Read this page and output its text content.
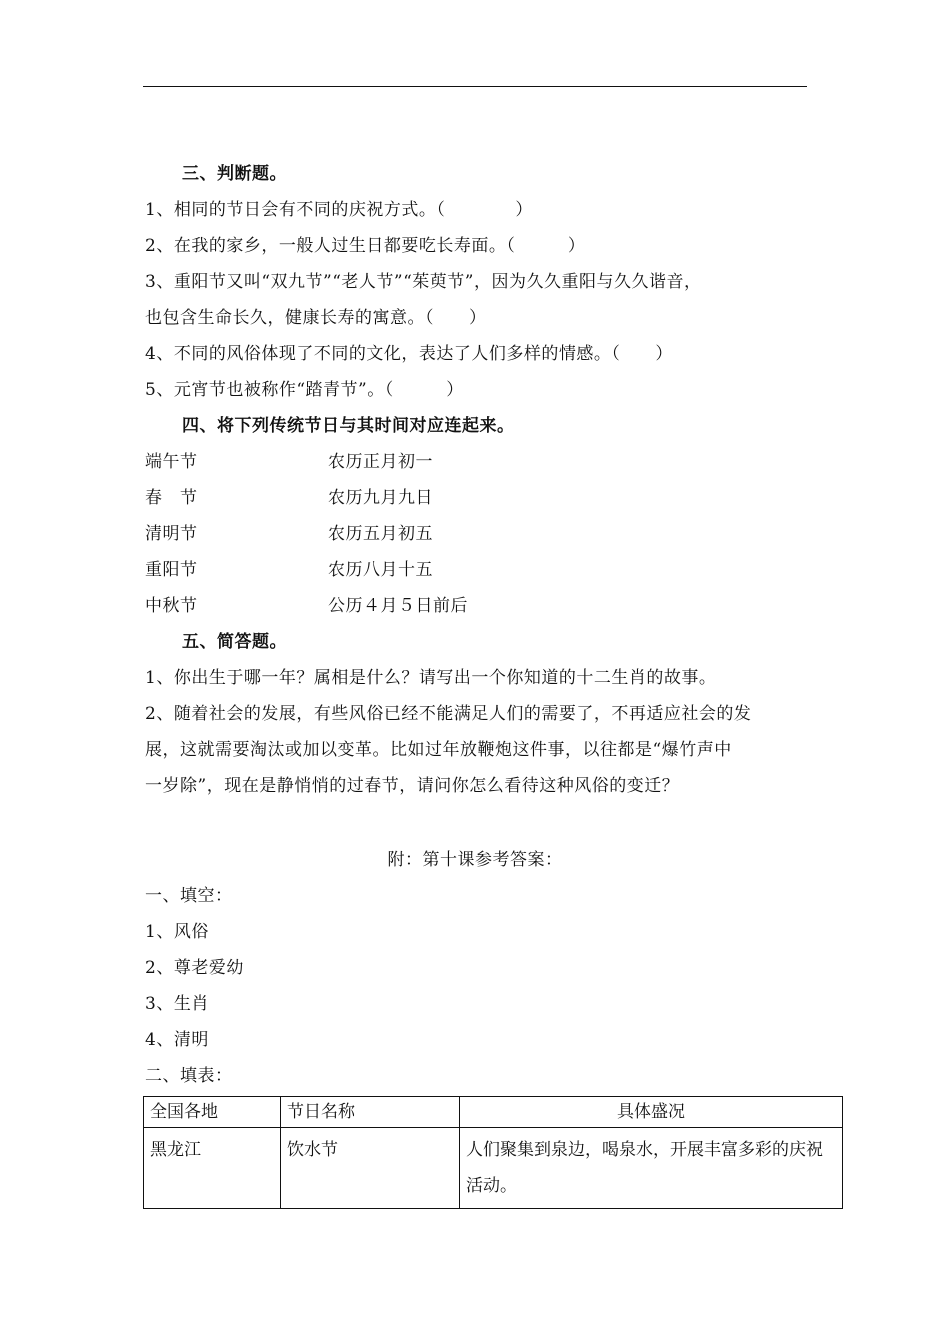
三、判断题。
1、相同的节日会有不同的庆祝方式。（　　　　）
2、在我的家乡，一般人过生日都要吃长寿面。（　　　）
3、重阳节又叫“双九节”“老人节”“茱萸节”，因为久久重阳与久久谐音，
也包含生命长久，健康长寿的寓意。（　　）
4、不同的风俗体现了不同的文化，表达了人们多样的情感。（　　）
5、元宵节也被称作“踏青节”。（　　　）
四、将下列传统节日与其时间对应连起来。
端午节	农历正月初一
春　节	农历九月九日
清明节	农历五月初五
重阳节	农历八月十五
中秋节	公历４月５日前后
五、简答题。
1、你出生于哪一年？属相是什么？请写出一个你知道的十二生肖的故事。
2、随着社会的发展，有些风俗已经不能满足人们的需要了，不再适应社会的发
展，这就需要淘汰或加以变革。比如过年放鞭炮这件事，以往都是“爆竹声中
一岁除”，现在是静悄悄的过春节，请问你怎么看待这种风俗的变迁？
附：第十课参考答案：
一、填空：
1、风俗
2、尊老爱幼
3、生肖
4、清明
二、填表：
全国各地	节日名称	具体盛况
黑龙江	饮水节	人们聚集到泉边，喝泉水，开展丰富多彩的庆祝活动。
